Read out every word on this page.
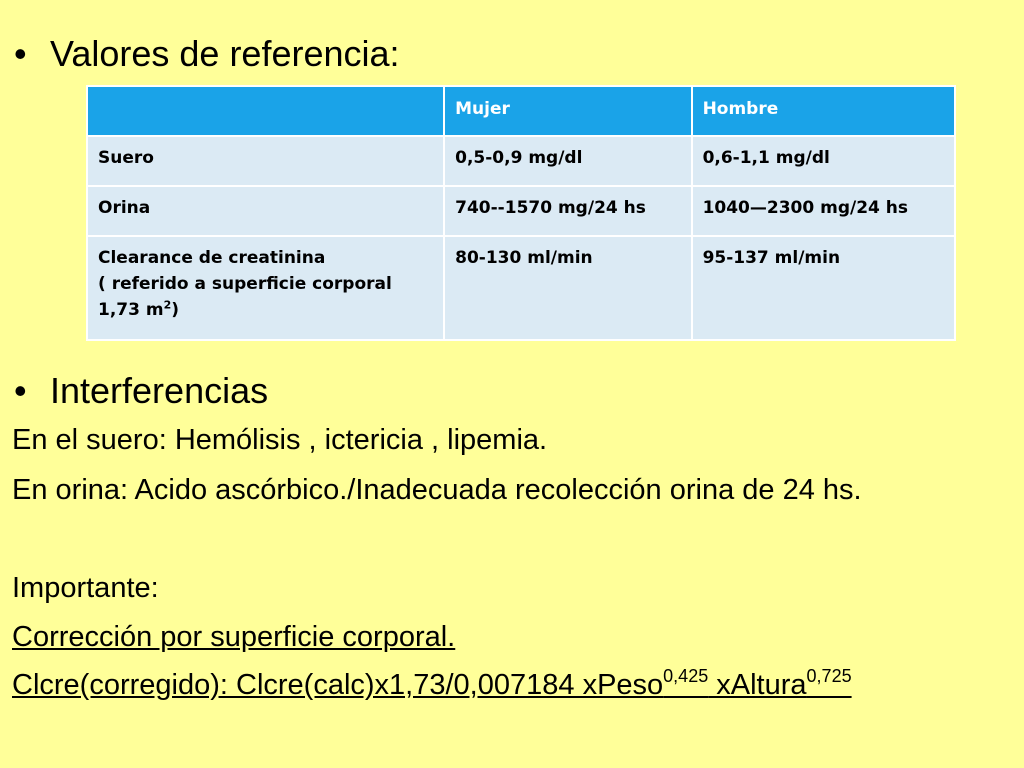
• Valores de referencia:
	Mujer	Hombre
Suero	0,5-0,9 mg/dl	0,6-1,1 mg/dl
Orina	740--1570 mg/24 hs	1040—2300 mg/24 hs
Clearance de creatinina
( referido a superficie corporal
1,73 $m^2$)	80-130 ml/min	95-137 ml/min
• Interferencias
En el suero: Hemólisis , ictericia , lipemia.
En orina: Acido ascórbico./Inadecuada recolección orina de 24 hs.
Importante:
Corrección por superficie corporal.
Clcre(corregido): Clcre(calc)x1,73/0,007184 xPeso$^{0,425}$ xAltura$^{0,725}$
